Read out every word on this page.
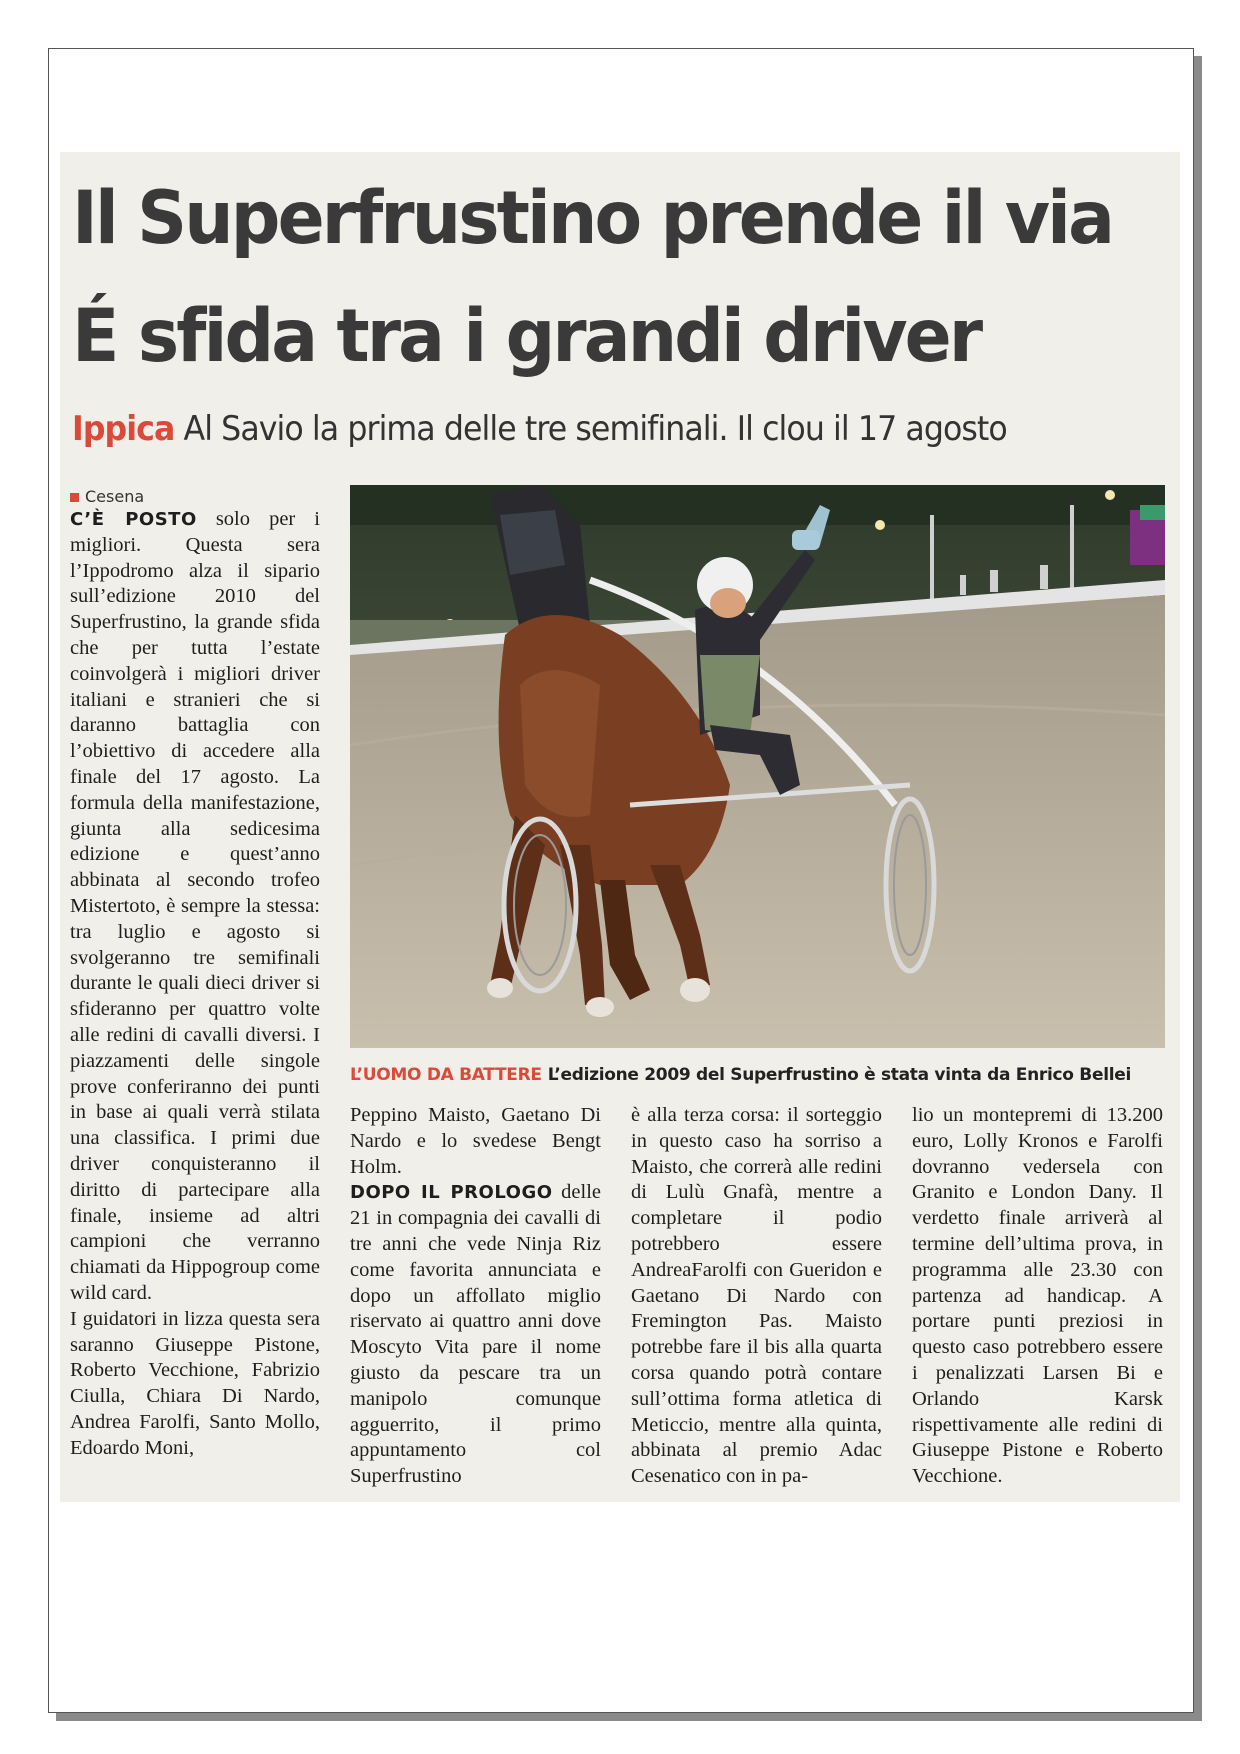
Il Superfrustino prende il via
É sfida tra i grandi driver
Ippica Al Savio la prima delle tre semifinali. Il clou il 17 agosto
Cesena

C’È POSTO solo per i migliori. Questa sera l’Ippodromo alza il sipario sull’edizione 2010 del Superfrustino, la grande sfida che per tutta l’estate coinvolgerà i migliori driver italiani e stranieri che si daranno battaglia con l’obiettivo di accedere alla finale del 17 agosto. La formula della manifestazione, giunta alla sedicesima edizione e quest’anno abbinata al secondo trofeo Mistertoto, è sempre la stessa: tra luglio e agosto si svolgeranno tre semifinali durante le quali dieci driver si sfideranno per quattro volte alle redini di cavalli diversi. I piazzamenti delle singole prove conferiranno dei punti in base ai quali verrà stilata una classifica. I primi due driver conquisteranno il diritto di partecipare alla finale, insieme ad altri campioni che verranno chiamati da Hippogroup come wild card.

I guidatori in lizza questa sera saranno Giuseppe Pistone, Roberto Vecchione, Fabrizio Ciulla, Chiara Di Nardo, Andrea Farolfi, Santo Mollo, Edoardo Moni,

L’UOMO DA BATTERE L’edizione 2009 del Superfrustino è stata vinta da Enrico Bellei

Peppino Maisto, Gaetano Di Nardo e lo svedese Bengt Holm.

DOPO IL PROLOGO delle 21 in compagnia dei cavalli di tre anni che vede Ninja Riz come favorita annunciata e dopo un affollato miglio riservato ai quattro anni dove Moscyto Vita pare il nome giusto da pescare tra un manipolo comunque agguerrito, il primo appuntamento col Superfrustino

è alla terza corsa: il sorteggio in questo caso ha sorriso a Maisto, che correrà alle redini di Lulù Gnafà, mentre a completare il podio potrebbero essere AndreaFarolfi con Gueridon e Gaetano Di Nardo con Fremington Pas. Maisto potrebbe fare il bis alla quarta corsa quando potrà contare sull’ottima forma atletica di Meticcio, mentre alla quinta, abbinata al premio Adac Cesenatico con in pa-

lio un montepremi di 13.200 euro, Lolly Kronos e Farolfi dovranno vedersela con Granito e London Dany. Il verdetto finale arriverà al termine dell’ultima prova, in programma alle 23.30 con partenza ad handicap. A portare punti preziosi in questo caso potrebbero essere i penalizzati Larsen Bi e Orlando Karsk rispettivamente alle redini di Giuseppe Pistone e Roberto Vecchione.
